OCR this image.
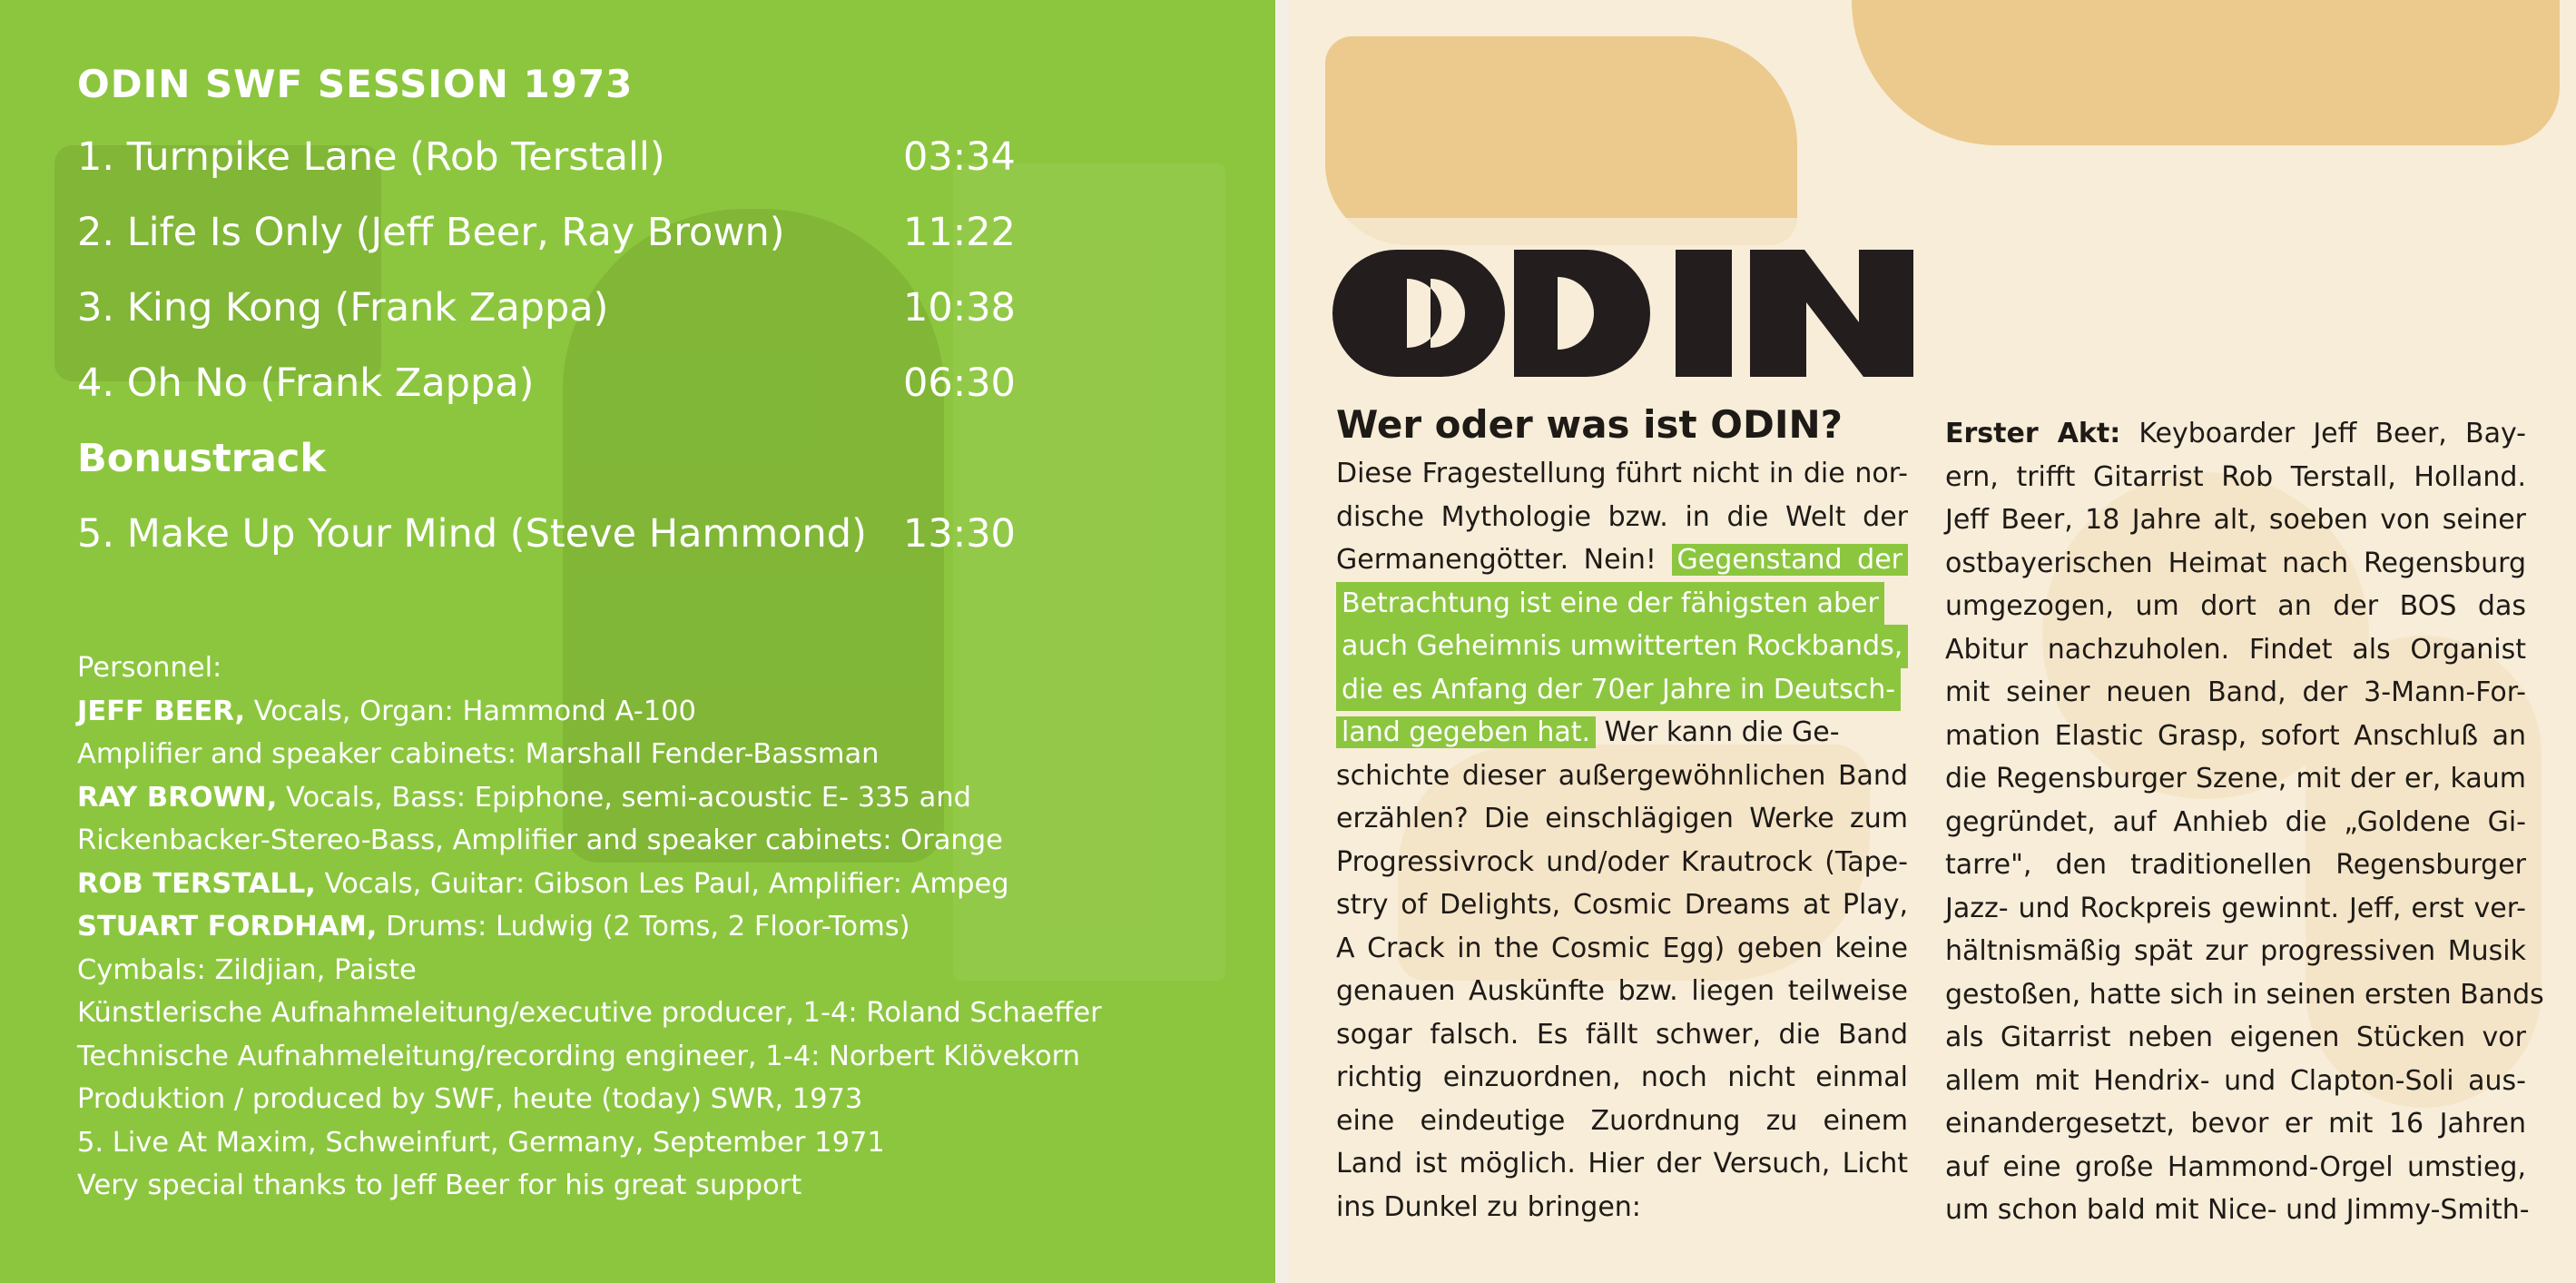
ODIN SWF SESSION 1973
1. Turnpike Lane (Rob Terstall)	03:34
2. Life Is Only (Jeff Beer, Ray Brown)	11:22
3. King Kong (Frank Zappa)	10:38
4. Oh No (Frank Zappa)	06:30
Bonustrack
5. Make Up Your Mind (Steve Hammond) 13:30
Personnel:
JEFF BEER, Vocals, Organ: Hammond A-100
Amplifier and speaker cabinets: Marshall Fender-Bassman
RAY BROWN, Vocals, Bass: Epiphone, semi-acoustic E- 335 and
Rickenbacker-Stereo-Bass, Amplifier and speaker cabinets: Orange
ROB TERSTALL, Vocals, Guitar: Gibson Les Paul, Amplifier: Ampeg
STUART FORDHAM, Drums: Ludwig (2 Toms, 2 Floor-Toms)
Cymbals: Zildjian, Paiste
Künstlerische Aufnahmeleitung/executive producer, 1-4: Roland Schaeffer
Technische Aufnahmeleitung/recording engineer, 1-4: Norbert Klövekorn
Produktion / produced by SWF, heute (today) SWR, 1973
5. Live At Maxim, Schweinfurt, Germany, September 1971
Very special thanks to Jeff Beer for his great support
Wer oder was ist ODIN?
Diese Fragestellung führt nicht in die nor-
dische Mythologie bzw. in die Welt der
Germanengötter. Nein! Gegenstand der
Betrachtung ist eine der fähigsten aber
auch Geheimnis umwitterten Rockbands,
die es Anfang der 70er Jahre in Deutsch-
land gegeben hat. Wer kann die Ge-
schichte dieser außergewöhnlichen Band
erzählen? Die einschlägigen Werke zum
Progressivrock und/oder Krautrock (Tape-
stry of Delights, Cosmic Dreams at Play,
A Crack in the Cosmic Egg) geben keine
genauen Auskünfte bzw. liegen teilweise
sogar falsch. Es fällt schwer, die Band
richtig einzuordnen, noch nicht einmal
eine eindeutige Zuordnung zu einem
Land ist möglich. Hier der Versuch, Licht
ins Dunkel zu bringen:
Erster Akt: Keyboarder Jeff Beer, Bay-
ern, trifft Gitarrist Rob Terstall, Holland.
Jeff Beer, 18 Jahre alt, soeben von seiner
ostbayerischen Heimat nach Regensburg
umgezogen, um dort an der BOS das
Abitur nachzuholen. Findet als Organist
mit seiner neuen Band, der 3-Mann-For-
mation Elastic Grasp, sofort Anschluß an
die Regensburger Szene, mit der er, kaum
gegründet, auf Anhieb die „Goldene Gi-
tarre", den traditionellen Regensburger
Jazz- und Rockpreis gewinnt. Jeff, erst ver-
hältnismäßig spät zur progressiven Musik
gestoßen, hatte sich in seinen ersten Bands
als Gitarrist neben eigenen Stücken vor
allem mit Hendrix- und Clapton-Soli aus-
einandergesetzt, bevor er mit 16 Jahren
auf eine große Hammond-Orgel umstieg,
um schon bald mit Nice- und Jimmy-Smith-
